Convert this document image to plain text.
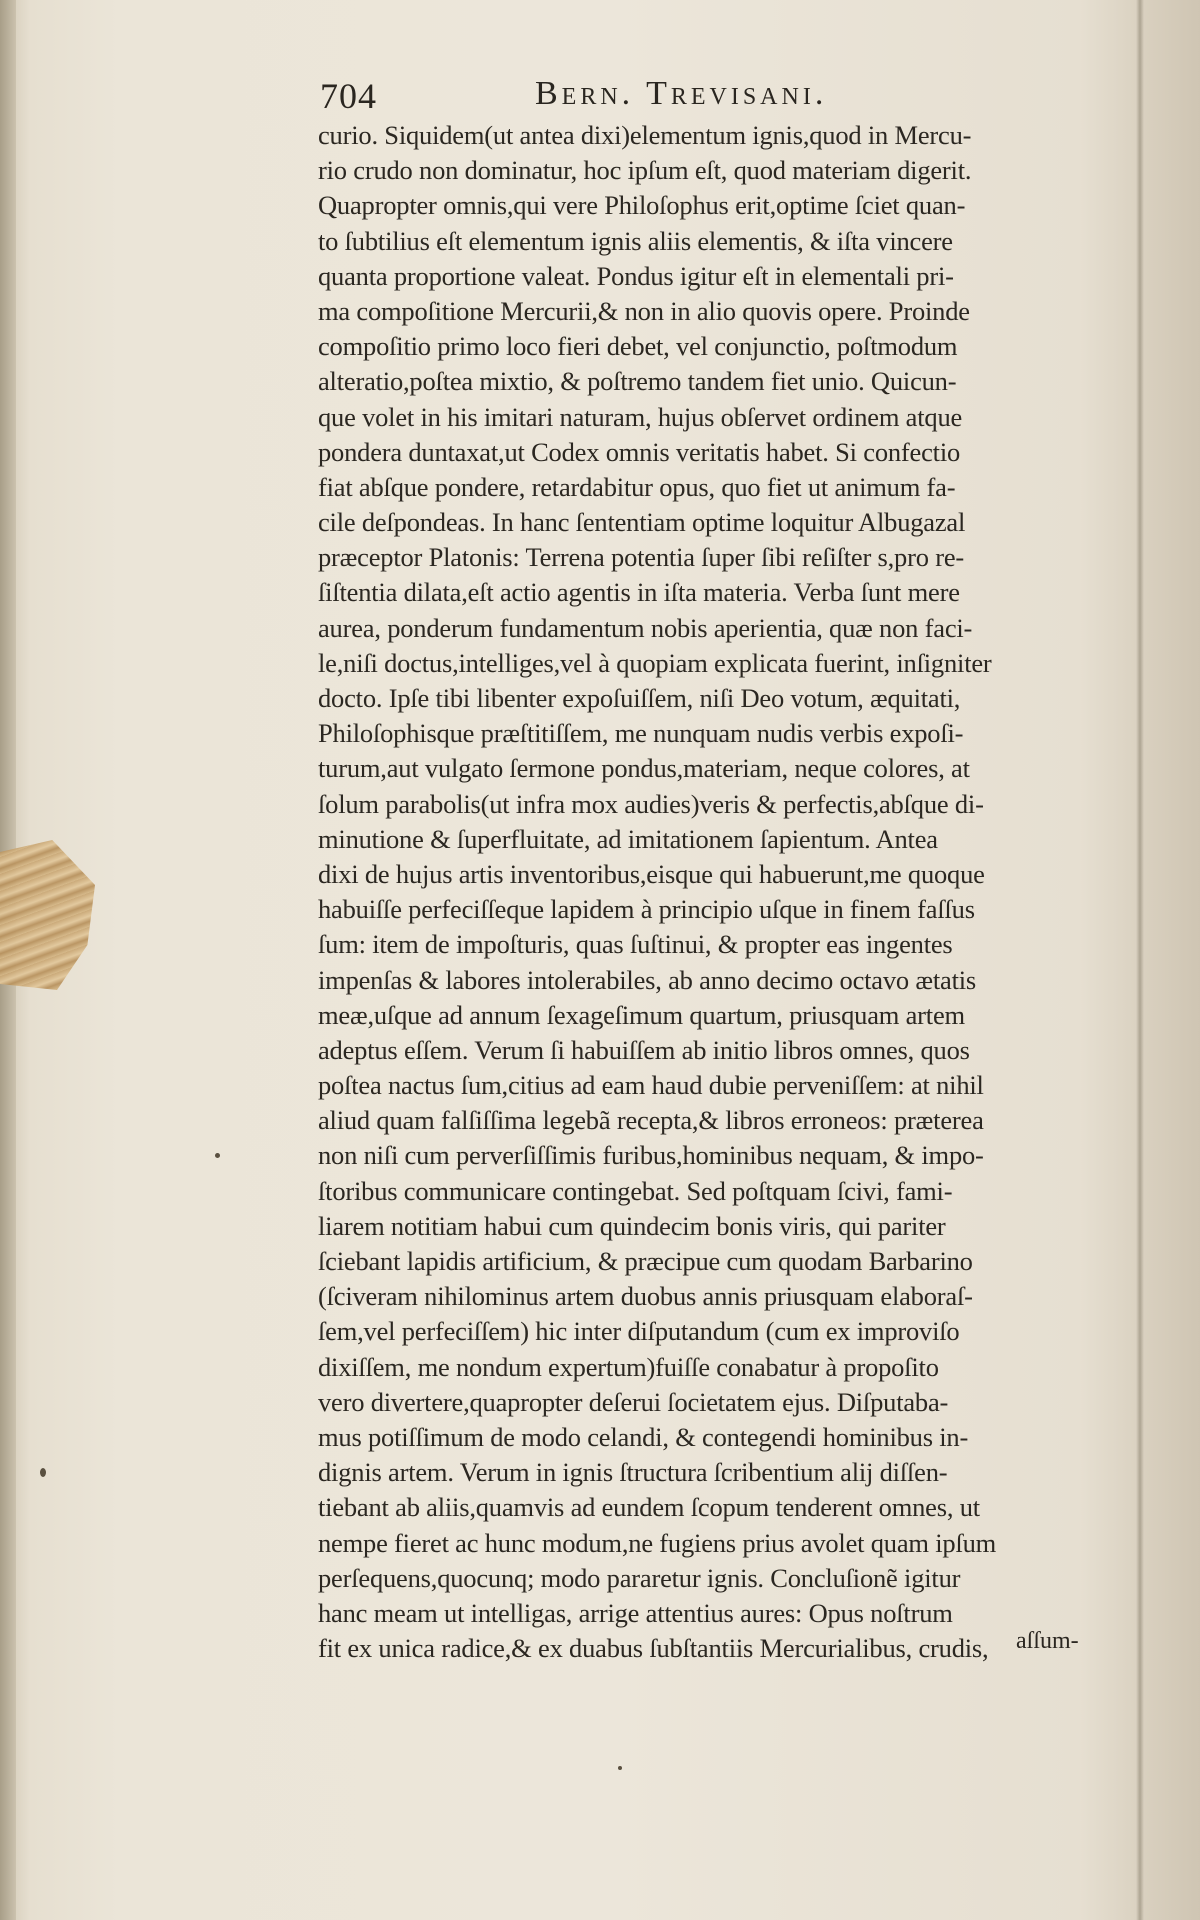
704	Bern. Trevisani.
curio. Siquidem(ut antea dixi)elementum ignis,quod in Mercu-
rio crudo non dominatur, hoc ipſum eſt, quod materiam digerit.
Quapropter omnis,qui vere Philoſophus erit,optime ſciet quan-
to ſubtilius eſt elementum ignis aliis elementis, & iſta vincere
quanta proportione valeat. Pondus igitur eſt in elementali pri-
ma compoſitione Mercurii,& non in alio quovis opere. Proinde
compoſitio primo loco fieri debet, vel conjunctio, poſtmodum
alteratio,poſtea mixtio, & poſtremo tandem fiet unio. Quicun-
que volet in his imitari naturam, hujus obſervet ordinem atque
pondera duntaxat,ut Codex omnis veritatis habet. Si confectio
fiat abſque pondere, retardabitur opus, quo fiet ut animum fa-
cile deſpondeas. In hanc ſententiam optime loquitur Albugazal
præceptor Platonis: Terrena potentia ſuper ſibi reſiſter s,pro re-
ſiſtentia dilata,eſt actio agentis in iſta materia. Verba ſunt mere
aurea, ponderum fundamentum nobis aperientia, quæ non faci-
le,niſi doctus,intelliges,vel à quopiam explicata fuerint, inſigniter
docto. Ipſe tibi libenter expoſuiſſem, niſi Deo votum, æquitati,
Philoſophisque præſtitiſſem, me nunquam nudis verbis expoſi-
turum,aut vulgato ſermone pondus,materiam, neque colores, at
ſolum parabolis(ut infra mox audies)veris & perfectis,abſque di-
minutione & ſuperfluitate, ad imitationem ſapientum. Antea
dixi de hujus artis inventoribus,eisque qui habuerunt,me quoque
habuiſſe perfeciſſeque lapidem à principio uſque in finem faſſus
ſum: item de impoſturis, quas ſuſtinui, & propter eas ingentes
impenſas & labores intolerabiles, ab anno decimo octavo ætatis
meæ,uſque ad annum ſexageſimum quartum, priusquam artem
adeptus eſſem. Verum ſi habuiſſem ab initio libros omnes, quos
poſtea nactus ſum,citius ad eam haud dubie perveniſſem: at nihil
aliud quam falſiſſima legebã recepta,& libros erroneos: præterea
non niſi cum perverſiſſimis furibus,hominibus nequam, & impo-
ſtoribus communicare contingebat. Sed poſtquam ſcivi, fami-
liarem notitiam habui cum quindecim bonis viris, qui pariter
ſciebant lapidis artificium, & præcipue cum quodam Barbarino
(ſciveram nihilominus artem duobus annis priusquam elaboraſ-
ſem,vel perfeciſſem) hic inter diſputandum (cum ex improviſo
dixiſſem, me nondum expertum)fuiſſe conabatur à propoſito
vero divertere,quapropter deſerui ſocietatem ejus. Diſputaba-
mus potiſſimum de modo celandi, & contegendi hominibus in-
dignis artem. Verum in ignis ſtructura ſcribentium alij diſſen-
tiebant ab aliis,quamvis ad eundem ſcopum tenderent omnes, ut
nempe fieret ac hunc modum,ne fugiens prius avolet quam ipſum
perſequens,quocunq; modo pararetur ignis. Concluſionẽ igitur
hanc meam ut intelligas, arrige attentius aures: Opus noſtrum
fit ex unica radice,& ex duabus ſubſtantiis Mercurialibus, crudis,	aſſum-
